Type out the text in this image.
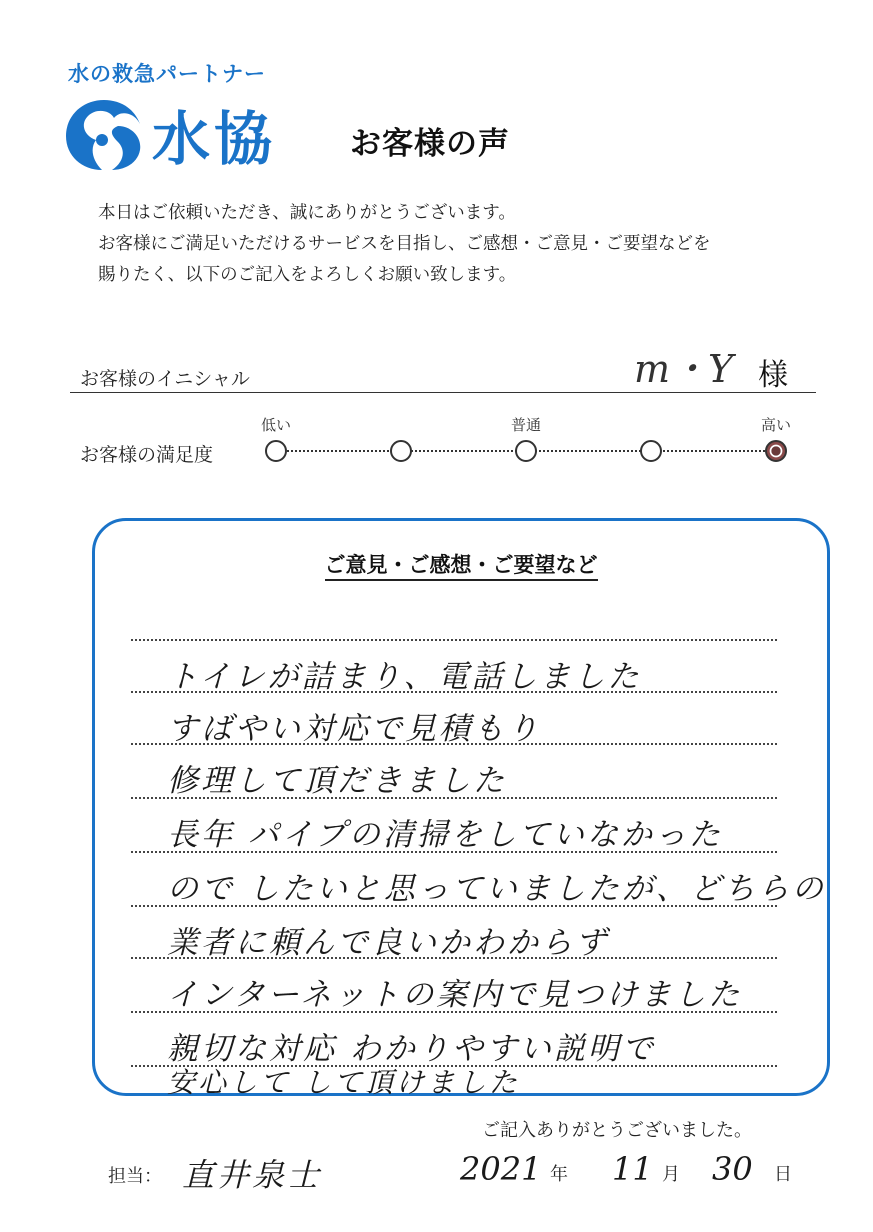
水の救急パートナー
水協 お客様の声
本日はご依頼いただき、誠にありがとうございます。
お客様にご満足いただけるサービスを目指し、ご感想・ご意見・ご要望などを
賜りたく、以下のご記入をよろしくお願い致します。
お客様のイニシャル	m・Y 様
お客様の満足度
低い	普通	高い
ご意見・ご感想・ご要望など
トイレが詰まり、電話しました
すばやい対応で見積もり
修理して頂だきました
長年 パイプの清掃をしていなかった
ので したいと思っていましたが、どちらの
業者に頼んで良いかわからず
インターネットの案内で見つけました
親切な対応 わかりやすい説明で
安心して して頂けました
ご記入ありがとうございました。
担当： 直井泉士	2021 年 11 月 30 日
